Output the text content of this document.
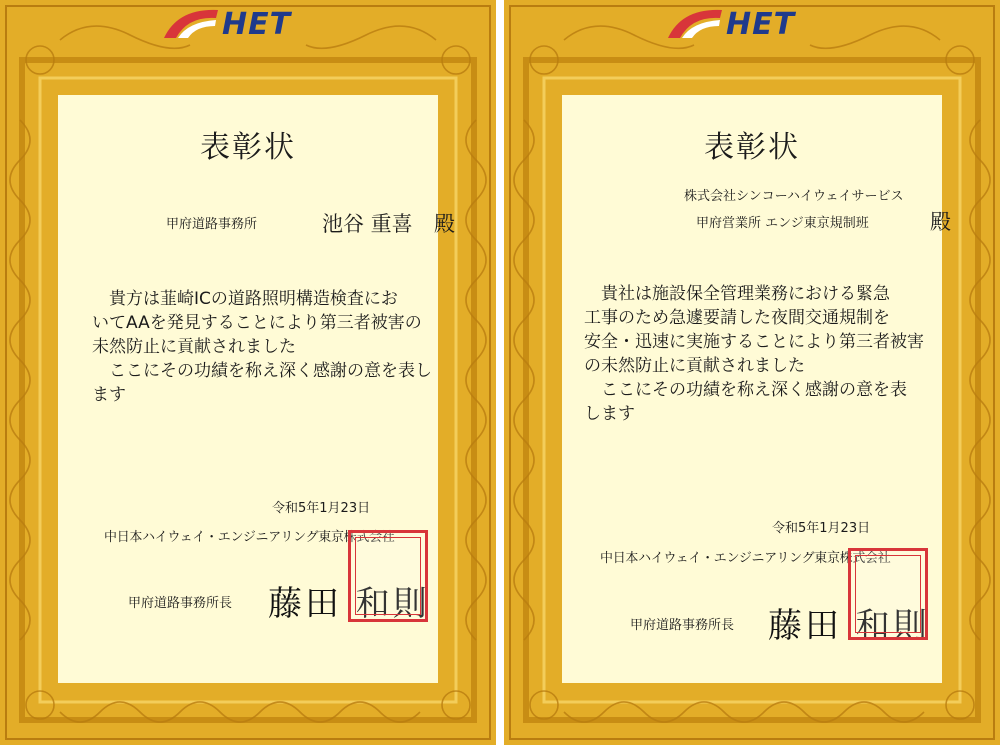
HET
表彰状
甲府道路事務所	池谷 重喜 殿
　貴方は韮崎ICの道路照明構造検査にお
いてAAを発見することにより第三者被害の
未然防止に貢献されました
　ここにその功績を称え深く感謝の意を表し
ます
令和5年1月23日
中日本ハイウェイ・エンジニアリング東京株式会社
甲府道路事務所長 藤田 和則
HET
表彰状
株式会社シンコーハイウェイサービス
甲府営業所 エンジ東京規制班	殿
　貴社は施設保全管理業務における緊急
工事のため急遽要請した夜間交通規制を
安全・迅速に実施することにより第三者被害
の未然防止に貢献されました
　ここにその功績を称え深く感謝の意を表
します
令和5年1月23日
中日本ハイウェイ・エンジニアリング東京株式会社
甲府道路事務所長 藤田 和則
